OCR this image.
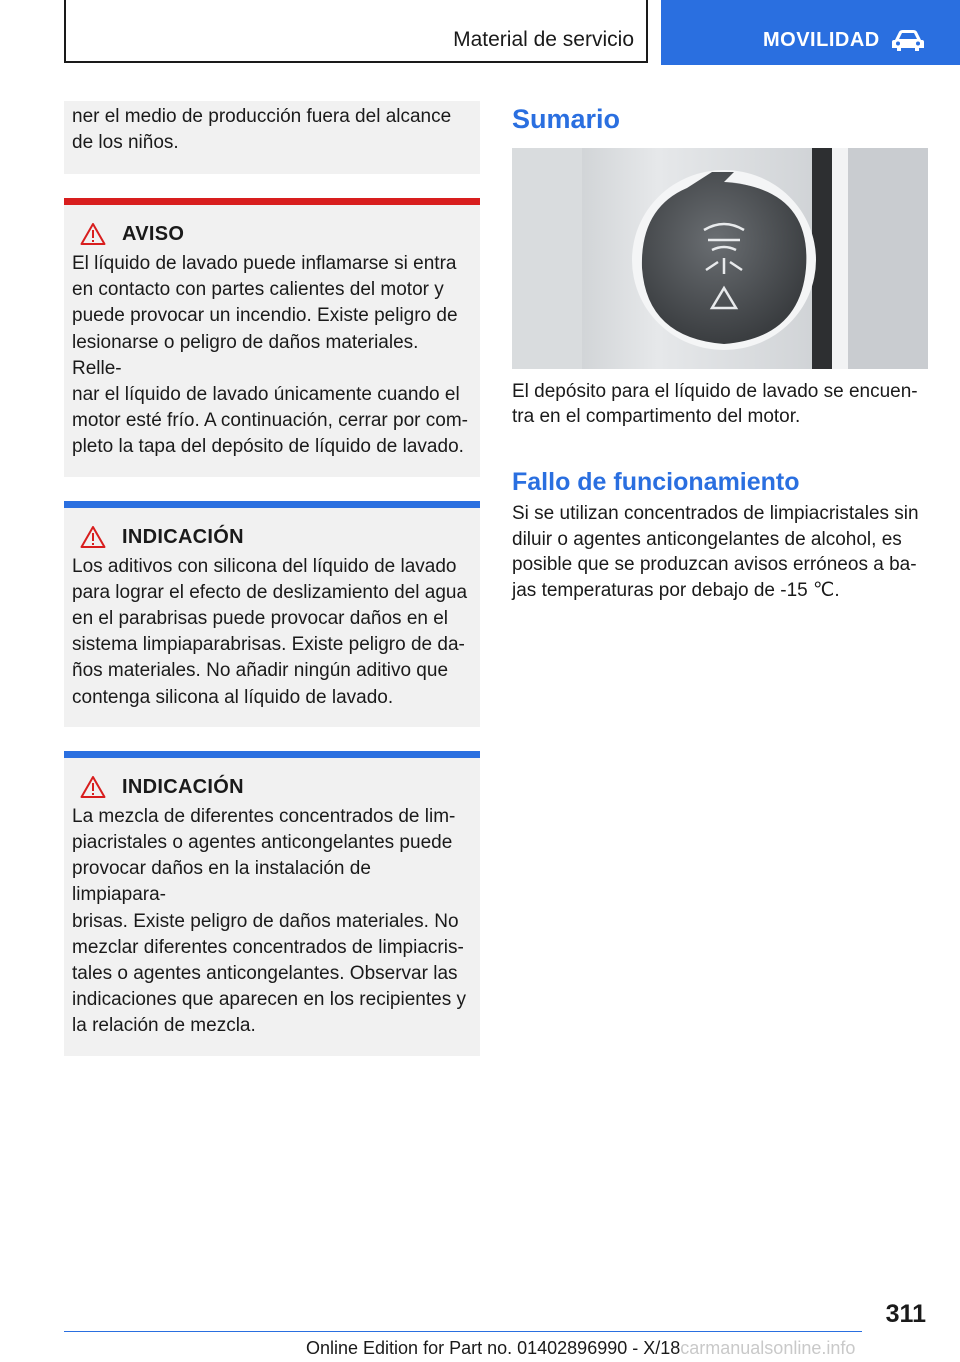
Material de servicio	MOVILIDAD
ner el medio de producción fuera del alcance
de los niños.
AVISO
El líquido de lavado puede inflamarse si entra
en contacto con partes calientes del motor y
puede provocar un incendio. Existe peligro de
lesionarse o peligro de daños materiales. Relle-
nar el líquido de lavado únicamente cuando el
motor esté frío. A continuación, cerrar por com-
pleto la tapa del depósito de líquido de lavado.
INDICACIÓN
Los aditivos con silicona del líquido de lavado
para lograr el efecto de deslizamiento del agua
en el parabrisas puede provocar daños en el
sistema limpiaparabrisas. Existe peligro de da-
ños materiales. No añadir ningún aditivo que
contenga silicona al líquido de lavado.
INDICACIÓN
La mezcla de diferentes concentrados de lim-
piacristales o agentes anticongelantes puede
provocar daños en la instalación de limpiapara-
brisas. Existe peligro de daños materiales. No
mezclar diferentes concentrados de limpiacris-
tales o agentes anticongelantes. Observar las
indicaciones que aparecen en los recipientes y
la relación de mezcla.
Sumario
El depósito para el líquido de lavado se encuen-
tra en el compartimento del motor.
Fallo de funcionamiento
Si se utilizan concentrados de limpiacristales sin
diluir o agentes anticongelantes de alcohol, es
posible que se produzcan avisos erróneos a ba-
jas temperaturas por debajo de -15 ℃.
311
Online Edition for Part no. 01402896990 - X/18carmanualsonline.info
